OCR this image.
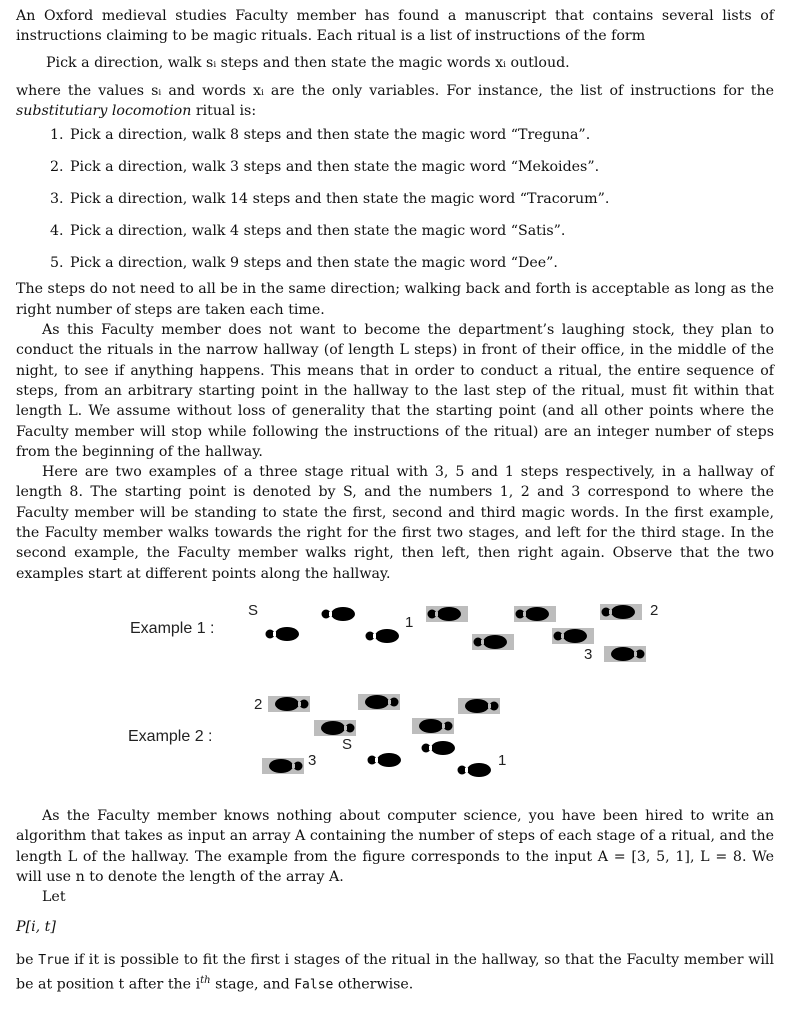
An Oxford medieval studies Faculty member has found a manuscript that contains several lists of instructions claiming to be magic rituals. Each ritual is a list of instructions of the form

Pick a direction, walk sᵢ steps and then state the magic words xᵢ outloud.

where the values sᵢ and words xᵢ are the only variables. For instance, the list of instructions for the substitutiary locomotion ritual is:

1. Pick a direction, walk 8 steps and then state the magic word “Treguna”.
2. Pick a direction, walk 3 steps and then state the magic word “Mekoides”.
3. Pick a direction, walk 14 steps and then state the magic word “Tracorum”.
4. Pick a direction, walk 4 steps and then state the magic word “Satis”.
5. Pick a direction, walk 9 steps and then state the magic word “Dee”.

The steps do not need to all be in the same direction; walking back and forth is acceptable as long as the right number of steps are taken each time.

As this Faculty member does not want to become the department’s laughing stock, they plan to conduct the rituals in the narrow hallway (of length L steps) in front of their office, in the middle of the night, to see if anything happens. This means that in order to conduct a ritual, the entire sequence of steps, from an arbitrary starting point in the hallway to the last step of the ritual, must fit within that length L. We assume without loss of generality that the starting point (and all other points where the Faculty member will stop while following the instructions of the ritual) are an integer number of steps from the beginning of the hallway.

Here are two examples of a three stage ritual with 3, 5 and 1 steps respectively, in a hallway of length 8. The starting point is denoted by S, and the numbers 1, 2 and 3 correspond to where the Faculty member will be standing to state the first, second and third magic words. In the first example, the Faculty member walks towards the right for the first two stages, and left for the third stage. In the second example, the Faculty member walks right, then left, then right again. Observe that the two examples start at different points along the hallway.

Example 1 :
Example 2 :
S
1
2
3
2
S
3	1

As the Faculty member knows nothing about computer science, you have been hired to write an algorithm that takes as input an array A containing the number of steps of each stage of a ritual, and the length L of the hallway. The example from the figure corresponds to the input A = [3, 5, 1], L = 8. We will use n to denote the length of the array A.

Let

P[i, t]

be True if it is possible to fit the first i stages of the ritual in the hallway, so that the Faculty member will be at position t after the $i^{th}$ stage, and False otherwise.
